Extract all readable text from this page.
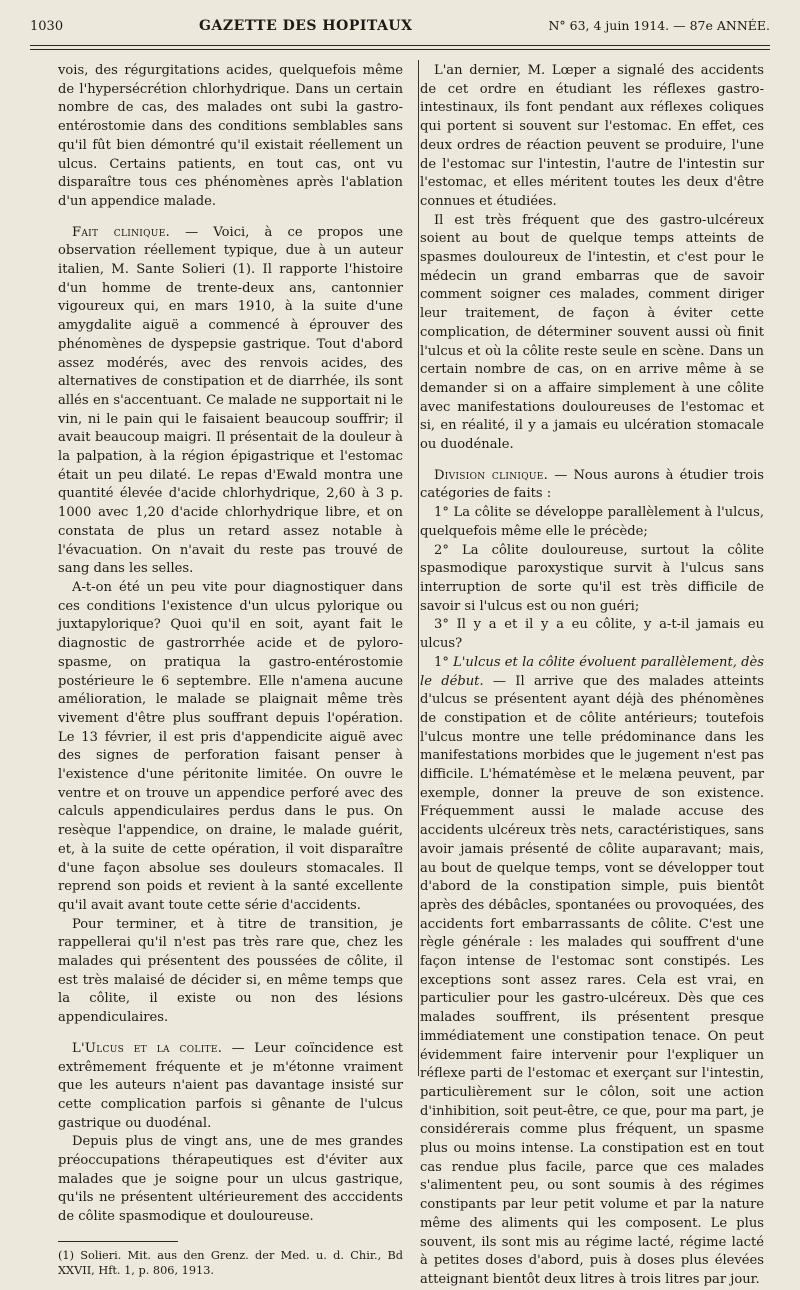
1030	GAZETTE DES HOPITAUX	N° 63, 4 juin 1914. — 87e ANNÉE.

vois, des régurgitations acides, quelquefois même de l'hypersécrétion chlorhydrique. Dans un certain nombre de cas, des malades ont subi la gastro-entérostomie dans des conditions semblables sans qu'il fût bien démontré qu'il existait réellement un ulcus. Certains patients, en tout cas, ont vu disparaître tous ces phénomènes après l'ablation d'un appendice malade.

Fait clinique. — Voici, à ce propos une observation réellement typique, due à un auteur italien, M. Sante Solieri (1). Il rapporte l'histoire d'un homme de trente-deux ans, cantonnier vigoureux qui, en mars 1910, à la suite d'une amygdalite aiguë a commencé à éprouver des phénomènes de dyspepsie gastrique. Tout d'abord assez modérés, avec des renvois acides, des alternatives de constipation et de diarrhée, ils sont allés en s'accentuant. Ce malade ne supportait ni le vin, ni le pain qui le faisaient beaucoup souffrir; il avait beaucoup maigri. Il présentait de la douleur à la palpation, à la région épigastrique et l'estomac était un peu dilaté. Le repas d'Ewald montra une quantité élevée d'acide chlorhydrique, 2,60 à 3 p. 1000 avec 1,20 d'acide chlorhydrique libre, et on constata de plus un retard assez notable à l'évacuation. On n'avait du reste pas trouvé de sang dans les selles.

A-t-on été un peu vite pour diagnostiquer dans ces conditions l'existence d'un ulcus pylorique ou juxtapylorique? Quoi qu'il en soit, ayant fait le diagnostic de gastrorrhée acide et de pyloro-spasme, on pratiqua la gastro-entérostomie postérieure le 6 septembre. Elle n'amena aucune amélioration, le malade se plaignait même très vivement d'être plus souffrant depuis l'opération. Le 13 février, il est pris d'appendicite aiguë avec des signes de perforation faisant penser à l'existence d'une péritonite limitée. On ouvre le ventre et on trouve un appendice perforé avec des calculs appendiculaires perdus dans le pus. On resèque l'appendice, on draine, le malade guérit, et, à la suite de cette opération, il voit disparaître d'une façon absolue ses douleurs stomacales. Il reprend son poids et revient à la santé excellente qu'il avait avant toute cette série d'accidents.

Pour terminer, et à titre de transition, je rappellerai qu'il n'est pas très rare que, chez les malades qui présentent des poussées de côlite, il est très malaisé de décider si, en même temps que la côlite, il existe ou non des lésions appendiculaires.

L'Ulcus et la colite. — Leur coïncidence est extrêmement fréquente et je m'étonne vraiment que les auteurs n'aient pas davantage insisté sur cette complication parfois si gênante de l'ulcus gastrique ou duodénal.

Depuis plus de vingt ans, une de mes grandes préoccupations thérapeutiques est d'éviter aux malades que je soigne pour un ulcus gastrique, qu'ils ne présentent ultérieurement des acccidents de côlite spasmodique et douloureuse.

(1) Solieri. Mit. aus den Grenz. der Med. u. d. Chir., Bd XXVII, Hft. 1, p. 806, 1913.

L'an dernier, M. Lœper a signalé des accidents de cet ordre en étudiant les réflexes gastro-intestinaux, ils font pendant aux réflexes coliques qui portent si souvent sur l'estomac. En effet, ces deux ordres de réaction peuvent se produire, l'une de l'estomac sur l'intestin, l'autre de l'intestin sur l'estomac, et elles méritent toutes les deux d'être connues et étudiées.

Il est très fréquent que des gastro-ulcéreux soient au bout de quelque temps atteints de spasmes douloureux de l'intestin, et c'est pour le médecin un grand embarras que de savoir comment soigner ces malades, comment diriger leur traitement, de façon à éviter cette complication, de déterminer souvent aussi où finit l'ulcus et où la côlite reste seule en scène. Dans un certain nombre de cas, on en arrive même à se demander si on a affaire simplement à une côlite avec manifestations douloureuses de l'estomac et si, en réalité, il y a jamais eu ulcération stomacale ou duodénale.

Division clinique. — Nous aurons à étudier trois catégories de faits :

1° La côlite se développe parallèlement à l'ulcus, quelquefois même elle le précède;

2° La côlite douloureuse, surtout la côlite spasmodique paroxystique survit à l'ulcus sans interruption de sorte qu'il est très difficile de savoir si l'ulcus est ou non guéri;

3° Il y a et il y a eu côlite, y a-t-il jamais eu ulcus?

1° L'ulcus et la côlite évoluent parallèlement, dès le début. — Il arrive que des malades atteints d'ulcus se présentent ayant déjà des phénomènes de constipation et de côlite antérieurs; toutefois l'ulcus montre une telle prédominance dans les manifestations morbides que le jugement n'est pas difficile. L'hématémèse et le melæna peuvent, par exemple, donner la preuve de son existence. Fréquemment aussi le malade accuse des accidents ulcéreux très nets, caractéristiques, sans avoir jamais présenté de côlite auparavant; mais, au bout de quelque temps, vont se développer tout d'abord de la constipation simple, puis bientôt après des débâcles, spontanées ou provoquées, des accidents fort embarrassants de côlite. C'est une règle générale : les malades qui souffrent d'une façon intense de l'estomac sont constipés. Les exceptions sont assez rares. Cela est vrai, en particulier pour les gastro-ulcéreux. Dès que ces malades souffrent, ils présentent presque immédiatement une constipation tenace. On peut évidemment faire intervenir pour l'expliquer un réflexe parti de l'estomac et exerçant sur l'intestin, particulièrement sur le côlon, soit une action d'inhibition, soit peut-être, ce que, pour ma part, je considérerais comme plus fréquent, un spasme plus ou moins intense. La constipation est en tout cas rendue plus facile, parce que ces malades s'alimentent peu, ou sont soumis à des régimes constipants par leur petit volume et par la nature même des aliments qui les composent. Le plus souvent, ils sont mis au régime lacté, régime lacté à petites doses d'abord, puis à doses plus élevées atteignant bientôt deux litres à trois litres par jour.
